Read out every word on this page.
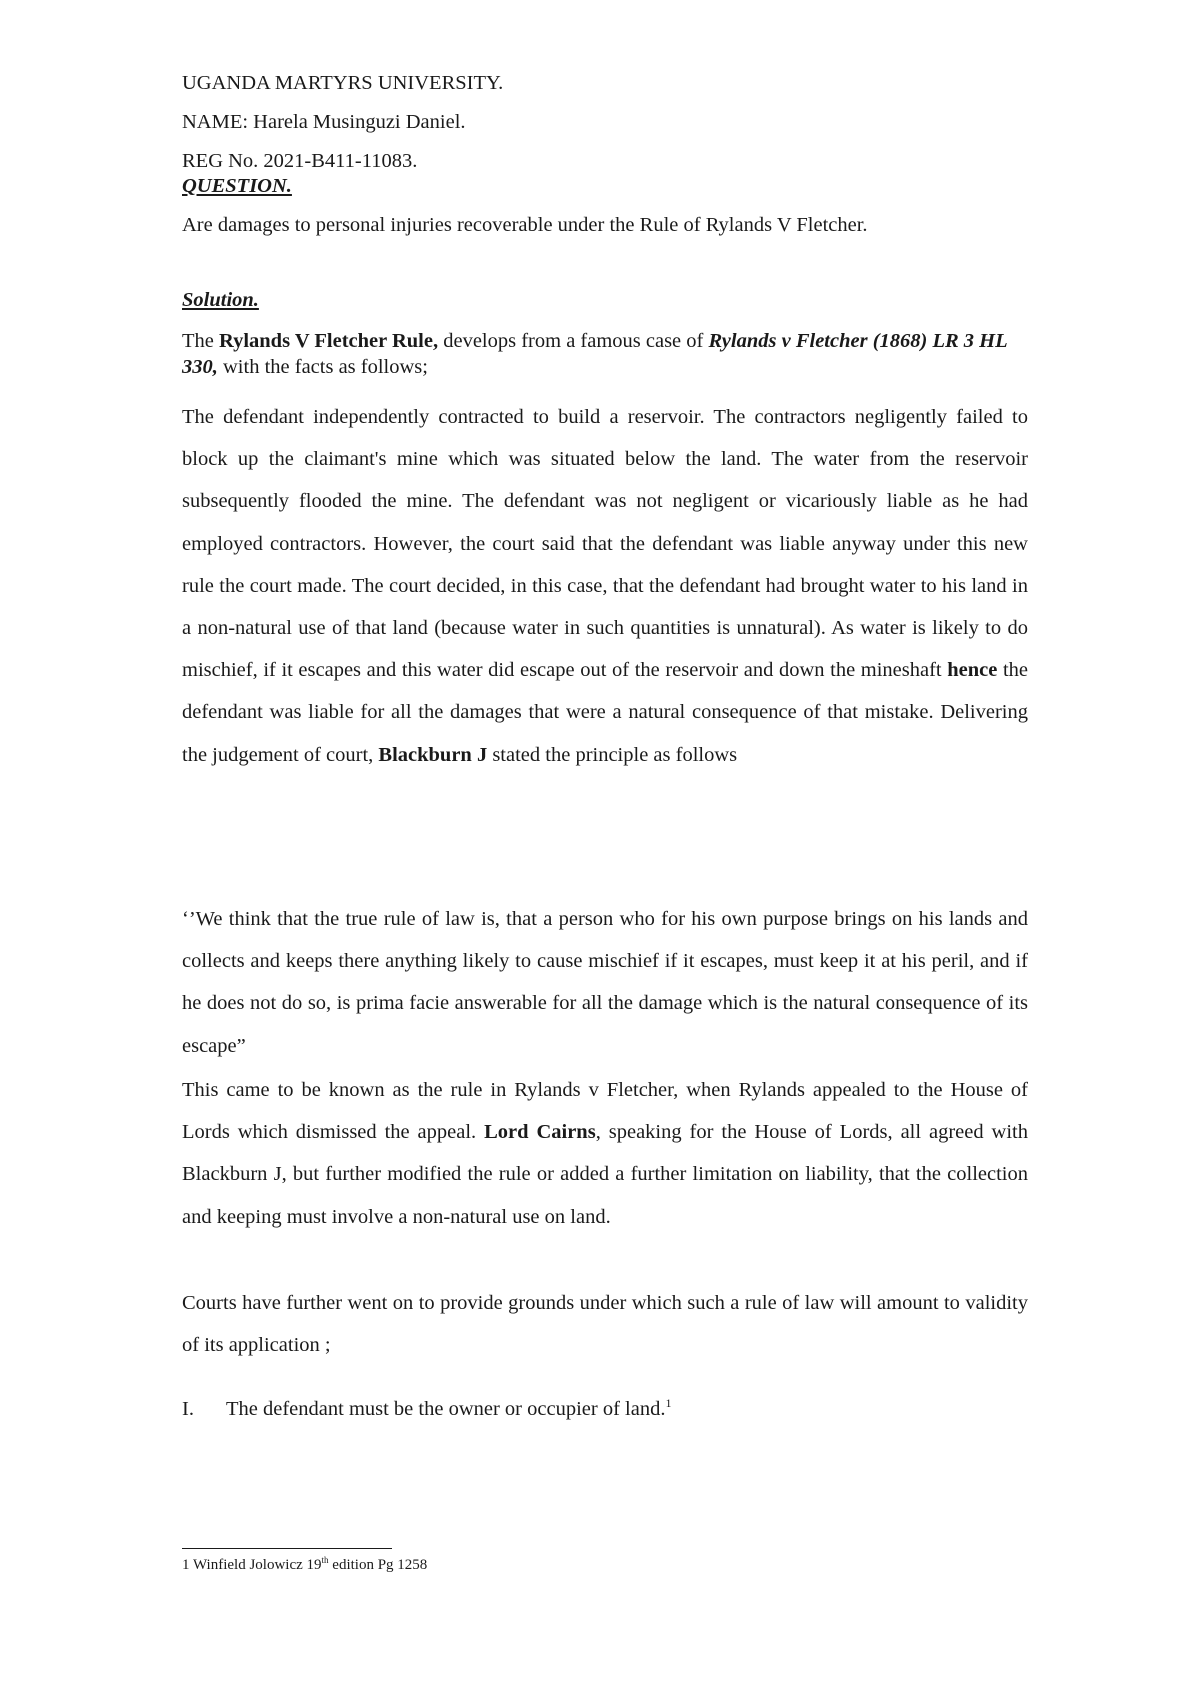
UGANDA MARTYRS UNIVERSITY.

NAME: Harela Musinguzi Daniel.

REG No. 2021-B411-11083.

QUESTION.

Are damages to personal injuries recoverable under the Rule of Rylands V Fletcher.

Solution.

The Rylands V Fletcher Rule, develops from a famous case of Rylands v Fletcher (1868) LR 3 HL 330, with the facts as follows;

The defendant independently contracted to build a reservoir. The contractors negligently failed to block up the claimant's mine which was situated below the land. The water from the reservoir subsequently flooded the mine. The defendant was not negligent or vicariously liable as he had employed contractors. However, the court said that the defendant was liable anyway under this new rule the court made. The court decided, in this case, that the defendant had brought water to his land in a non-natural use of that land (because water in such quantities is unnatural). As water is likely to do mischief, if it escapes and this water did escape out of the reservoir and down the mineshaft hence the defendant was liable for all the damages that were a natural consequence of that mistake. Delivering the judgement of court, Blackburn J stated the principle as follows

‘’We think that the true rule of law is, that a person who for his own purpose brings on his lands and collects and keeps there anything likely to cause mischief if it escapes, must keep it at his peril, and if he does not do so, is prima facie answerable for all the damage which is the natural consequence of its escape”

This came to be known as the rule in Rylands v Fletcher, when Rylands appealed to the House of Lords which dismissed the appeal. Lord Cairns, speaking for the House of Lords, all agreed with Blackburn J, but further modified the rule or added a further limitation on liability, that the collection and keeping must involve a non-natural use on land.

Courts have further went on to provide grounds under which such a rule of law will amount to validity of its application ;

I.	The defendant must be the owner or occupier of land.$^1$

1 Winfield Jolowicz 19th edition Pg 1258
